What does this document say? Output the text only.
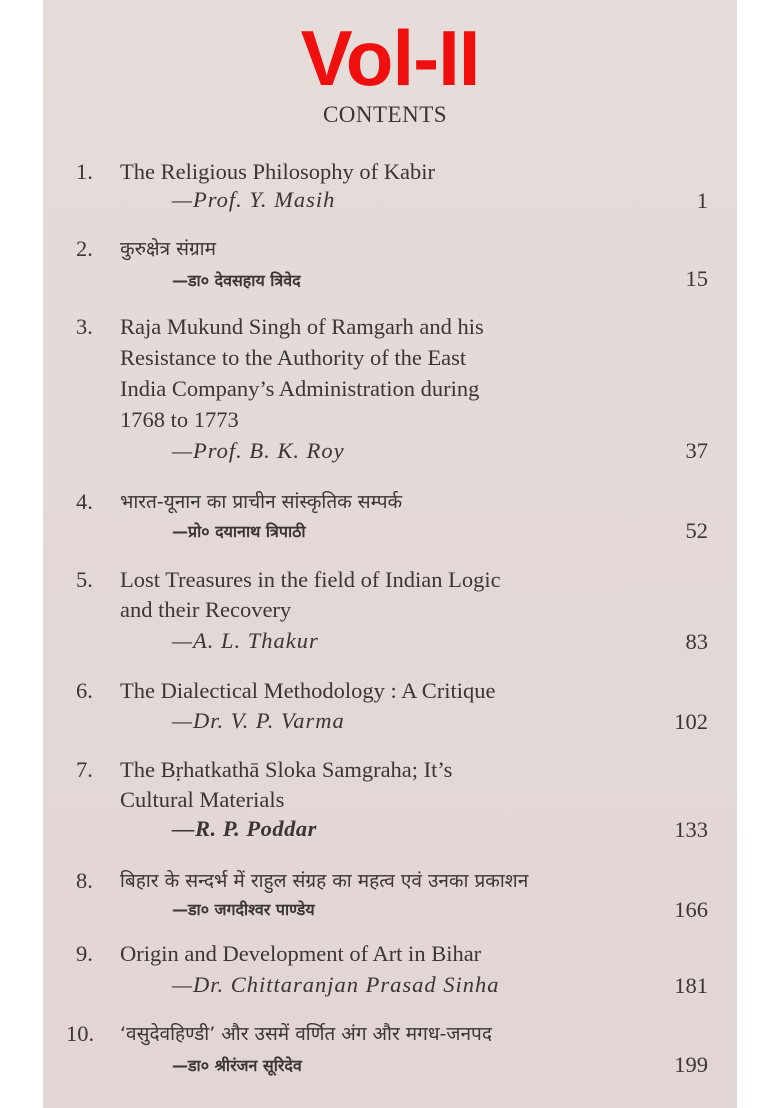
Vol-II
CONTENTS
1. The Religious Philosophy of Kabir
—Prof. Y. Masih	1
2. कुरुक्षेत्र संग्राम
—डा० देवसहाय त्रिवेद	15
3. Raja Mukund Singh of Ramgarh and his
Resistance to the Authority of the East
India Company’s Administration during
1768 to 1773
—Prof. B. K. Roy	37
4. भारत-यूनान का प्राचीन सांस्कृतिक सम्पर्क
—प्रो० दयानाथ त्रिपाठी	52
5. Lost Treasures in the field of Indian Logic
and their Recovery
—A. L. Thakur	83
6. The Dialectical Methodology : A Critique
—Dr. V. P. Varma	102
7. The Bṛhatkathā Sloka Samgraha; It’s
Cultural Materials
—R. P. Poddar	133
8. बिहार के सन्दर्भ में राहुल संग्रह का महत्व एवं उनका प्रकाशन
—डा० जगदीश्वर पाण्डेय	166
9. Origin and Development of Art in Bihar
—Dr. Chittaranjan Prasad Sinha	181
10. ‘वसुदेवहिण्डी’ और उसमें वर्णित अंग और मगध-जनपद
—डा० श्रीरंजन सूरिदेव	199
